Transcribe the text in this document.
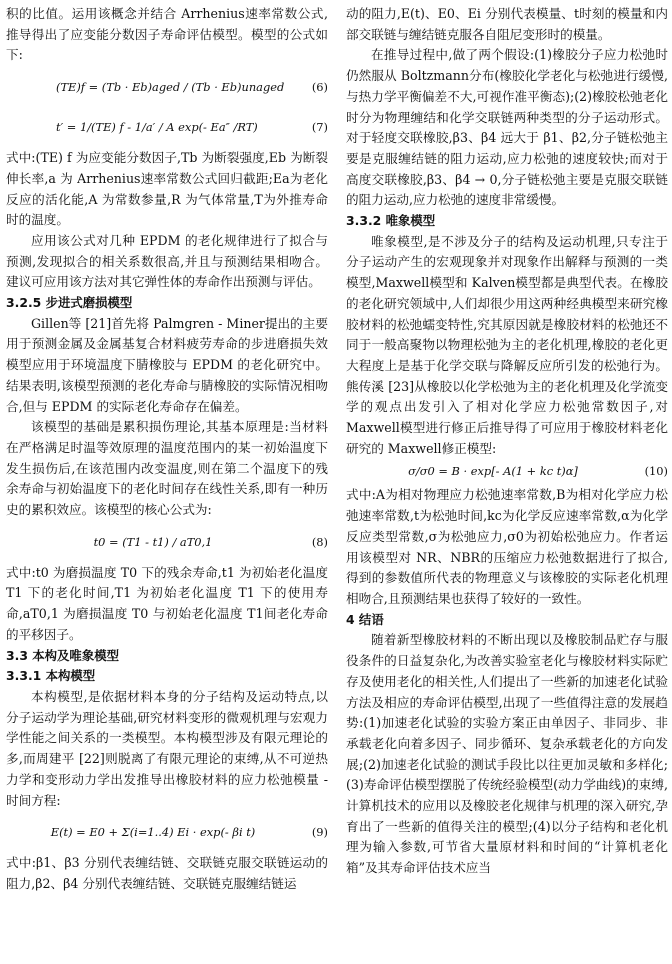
积的比值。运用该概念并结合 Arrhenius速率常数公式,推导得出了应变能分数因子寿命评估模型。模型的公式如下:

(TE)f = (Tb · Eb)aged / (Tb · Eb)unaged (6)
t′ = 1/(TE) f - 1/a′ / A exp(- Ea″ /RT)	(7)

式中:(TE) f 为应变能分数因子,Tb 为断裂强度,Eb 为断裂伸长率,a 为 Arrhenius速率常数公式回归截距;Ea为老化反应的活化能,A 为常数参量,R 为气体常量,T为外推寿命时的温度。

应用该公式对几种 EPDM 的老化规律进行了拟合与预测,发现拟合的相关系数很高,并且与预测结果相吻合。建议可应用该方法对其它弹性体的寿命作出预测与评估。

3.2.5 步进式磨损模型

Gillen等 [21]首先将 Palmgren - Miner提出的主要用于预测金属及金属基复合材料疲劳寿命的步进磨损失效模型应用于环境温度下腈橡胶与 EPDM 的老化研究中。结果表明,该模型预测的老化寿命与腈橡胶的实际情况相吻合,但与 EPDM 的实际老化寿命存在偏差。

该模型的基础是累积损伤理论,其基本原理是:当材料在严格满足时温等效原理的温度范围内的某一初始温度下发生损伤后,在该范围内改变温度,则在第二个温度下的残余寿命与初始温度下的老化时间存在线性关系,即有一种历史的累积效应。该模型的核心公式为:

t0 = (T1 - t1) / aT0,1	(8)

式中:t0 为磨损温度 T0 下的残余寿命,t1 为初始老化温度 T1 下的老化时间,T1 为初始老化温度 T1 下的使用寿命,aT0,1 为磨损温度 T0 与初始老化温度 T1间老化寿命的平移因子。

3.3 本构及唯象模型

3.3.1 本构模型

本构模型,是依据材料本身的分子结构及运动特点,以分子运动学为理论基础,研究材料变形的微观机理与宏观力学性能之间关系的一类模型。本构模型涉及有限元理论的多,而周建平 [22]则脱离了有限元理论的束缚,从不可逆热力学和变形动力学出发推导出橡胶材料的应力松弛模量 - 时间方程:

E(t) = E0 + Σ(i=1..4) Ei · exp(- βi t)	(9)

式中:β1、β3 分别代表缠结链、交联链克服交联链运动的阻力,β2、β4 分别代表缠结链、交联链克服缠结链运

动的阻力,E(t)、E0、Ei 分别代表模量、t时刻的模量和内部交联链与缠结链克服各自阻尼变形时的模量。

在推导过程中,做了两个假设:(1)橡胶分子应力松弛时仍然服从 Boltzmann分布(橡胶化学老化与松弛进行缓慢,与热力学平衡偏差不大,可视作准平衡态);(2)橡胶松弛老化时分为物理缠结和化学交联链两种类型的分子运动形式。对于轻度交联橡胶,β3、β4 远大于 β1、β2,分子链松弛主要是克服缠结链的阻力运动,应力松弛的速度较快;而对于高度交联橡胶,β3、β4 → 0,分子链松弛主要是克服交联链的阻力运动,应力松弛的速度非常缓慢。

3.3.2 唯象模型

唯象模型,是不涉及分子的结构及运动机理,只专注于分子运动产生的宏观现象并对现象作出解释与预测的一类模型,Maxwell模型和 Kalven模型都是典型代表。在橡胶的老化研究领域中,人们却很少用这两种经典模型来研究橡胶材料的松弛蠕变特性,究其原因就是橡胶材料的松弛还不同于一般高聚物以物理松弛为主的老化机理,橡胶的老化更大程度上是基于化学交联与降解反应所引发的松弛行为。熊传溪 [23]从橡胶以化学松弛为主的老化机理及化学流变学的观点出发引入了相对化学应力松弛常数因子,对 Maxwell模型进行修正后推导得了可应用于橡胶材料老化研究的 Maxwell修正模型:

σ/σ0 = B · exp[- A(1 + kc t)α]	(10)

式中:A为相对物理应力松弛速率常数,B为相对化学应力松弛速率常数,t为松弛时间,kc为化学反应速率常数,α为化学反应类型常数,σ为松弛应力,σ0为初始松弛应力。作者运用该模型对 NR、NBR的压缩应力松弛数据进行了拟合,得到的参数值所代表的物理意义与该橡胶的实际老化机理相吻合,且预测结果也获得了较好的一致性。

4 结语

随着新型橡胶材料的不断出现以及橡胶制品贮存与服役条件的日益复杂化,为改善实验室老化与橡胶材料实际贮存及使用老化的相关性,人们提出了一些新的加速老化试验方法及相应的寿命评估模型,出现了一些值得注意的发展趋势:(1)加速老化试验的实验方案正由单因子、非同步、非承载老化向着多因子、同步循环、复杂承载老化的方向发展;(2)加速老化试验的测试手段比以往更加灵敏和多样化;(3)寿命评估模型摆脱了传统经验模型(动力学曲线)的束缚,计算机技术的应用以及橡胶老化规律与机理的深入研究,孕育出了一些新的值得关注的模型;(4)以分子结构和老化机理为输入参数,可节省大量原材料和时间的“计算机老化箱”及其寿命评估技术应当
